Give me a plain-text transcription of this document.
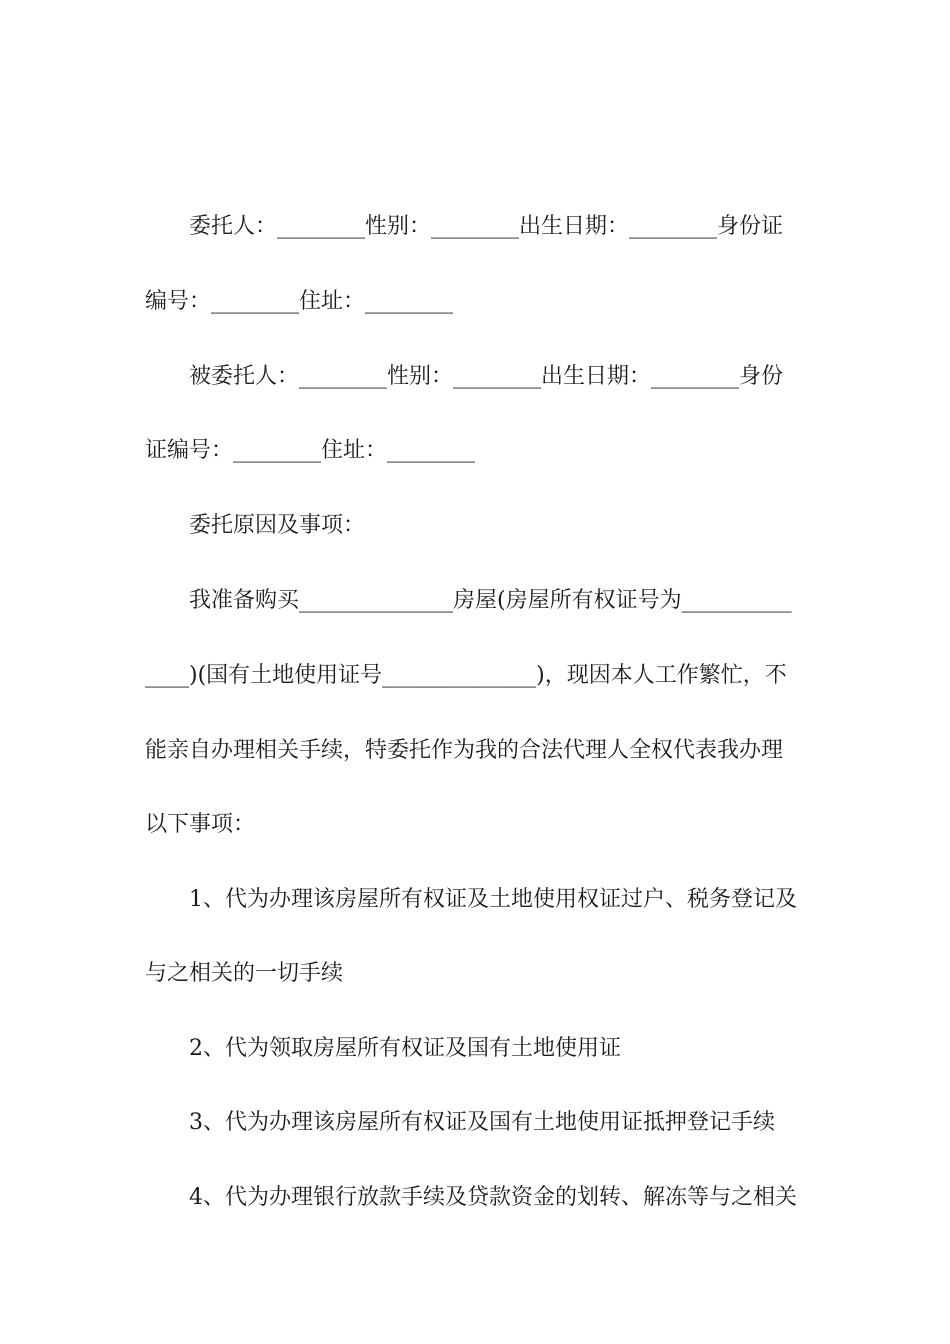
委托人：________性别：________出生日期：________身份证
编号：________住址：________
被委托人：________性别：________出生日期：________身份
证编号：________住址：________
委托原因及事项：
我准备购买______________房屋(房屋所有权证号为__________
____)(国有土地使用证号______________)，现因本人工作繁忙，不
能亲自办理相关手续，特委托作为我的合法代理人全权代表我办理
以下事项：
1、代为办理该房屋所有权证及土地使用权证过户、税务登记及
与之相关的一切手续
2、代为领取房屋所有权证及国有土地使用证
3、代为办理该房屋所有权证及国有土地使用证抵押登记手续
4、代为办理银行放款手续及贷款资金的划转、解冻等与之相关
